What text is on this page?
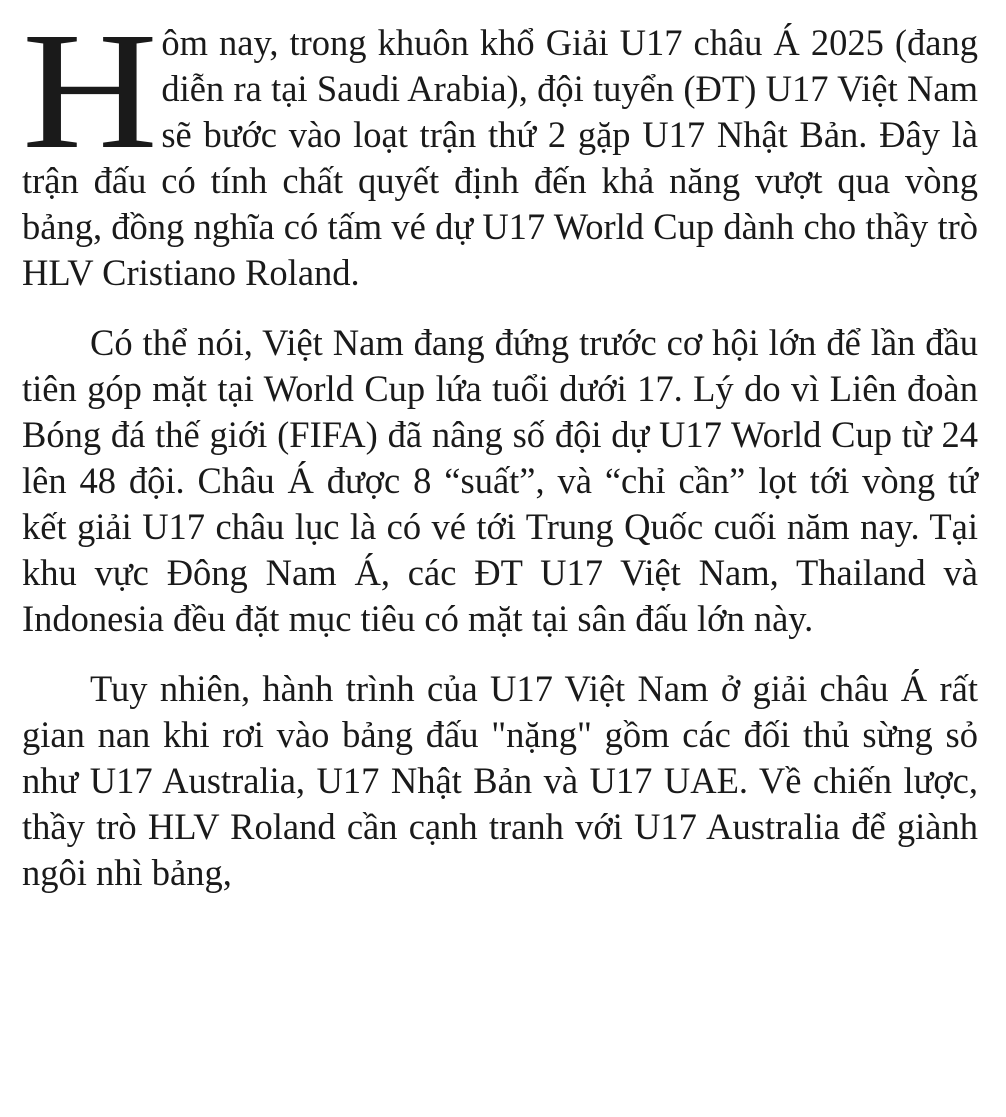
Hôm nay, trong khuôn khổ Giải U17 châu Á 2025 (đang diễn ra tại Saudi Arabia), đội tuyển (ĐT) U17 Việt Nam sẽ bước vào loạt trận thứ 2 gặp U17 Nhật Bản. Đây là trận đấu có tính chất quyết định đến khả năng vượt qua vòng bảng, đồng nghĩa có tấm vé dự U17 World Cup dành cho thầy trò HLV Cristiano Roland.

Có thể nói, Việt Nam đang đứng trước cơ hội lớn để lần đầu tiên góp mặt tại World Cup lứa tuổi dưới 17. Lý do vì Liên đoàn Bóng đá thế giới (FIFA) đã nâng số đội dự U17 World Cup từ 24 lên 48 đội. Châu Á được 8 “suất”, và “chỉ cần” lọt tới vòng tứ kết giải U17 châu lục là có vé tới Trung Quốc cuối năm nay. Tại khu vực Đông Nam Á, các ĐT U17 Việt Nam, Thailand và Indonesia đều đặt mục tiêu có mặt tại sân đấu lớn này.

Tuy nhiên, hành trình của U17 Việt Nam ở giải châu Á rất gian nan khi rơi vào bảng đấu "nặng" gồm các đối thủ sừng sỏ như U17 Australia, U17 Nhật Bản và U17 UAE. Về chiến lược, thầy trò HLV Roland cần cạnh tranh với U17 Australia để giành ngôi nhì bảng,
